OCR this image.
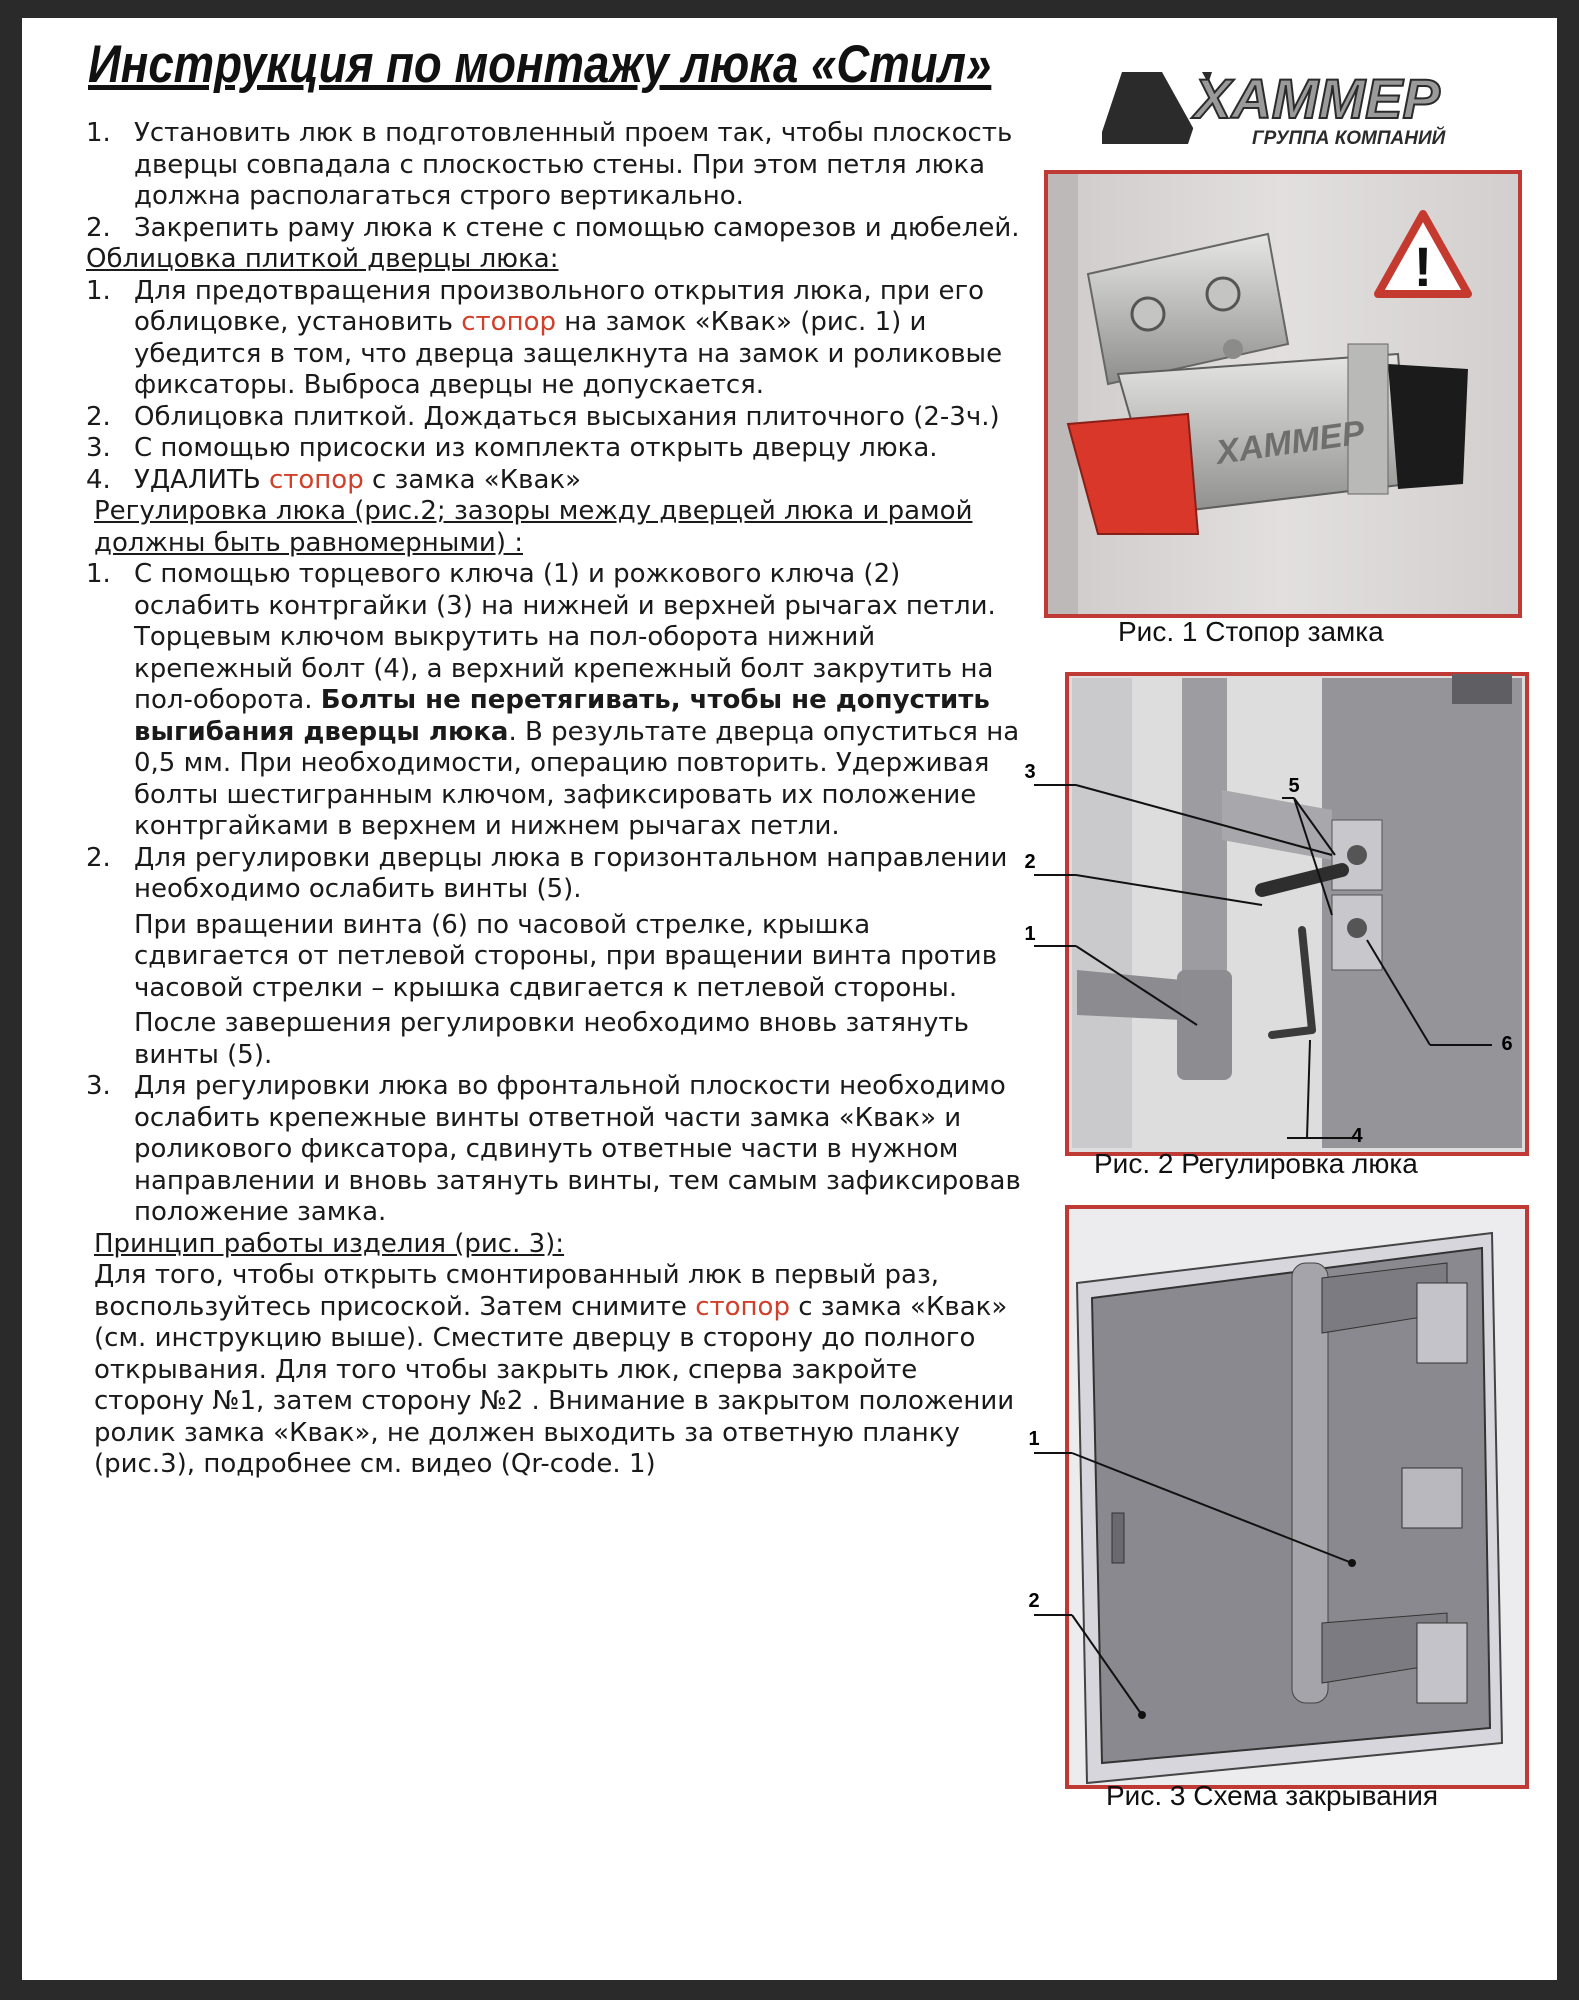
Инструкция по монтажу люка «Стил»
ХАММЕР
ГРУППА КОМПАНИЙ
1. Установить люк в подготовленный проем так, чтобы плоскость дверцы совпадала с плоскостью стены. При этом петля люка должна располагаться строго вертикально.
2. Закрепить раму люка к стене с помощью саморезов и дюбелей.

Облицовка плиткой дверцы люка:

1. Для предотвращения произвольного открытия люка, при его облицовке, установить стопор на замок «Квак» (рис. 1) и убедится в том, что дверца защелкнута на замок и роликовые фиксаторы. Выброса дверцы не допускается.
2. Облицовка плиткой. Дождаться высыхания плиточного (2-3ч.)
3. С помощью присоски из комплекта открыть дверцу люка.
4. УДАЛИТЬ стопор с замка «Квак»

Регулировка люка (рис.2; зазоры между дверцей люка и рамой должны быть равномерными) :

1. С помощью торцевого ключа (1) и рожкового ключа (2) ослабить контргайки (3) на нижней и верхней рычагах петли. Торцевым ключом выкрутить на пол-оборота нижний крепежный болт (4), а верхний крепежный болт закрутить на пол-оборота. Болты не перетягивать, чтобы не допустить выгибания дверцы люка. В результате дверца опуститься на 0,5 мм. При необходимости, операцию повторить. Удерживая болты шестигранным ключом, зафиксировать их положение контргайками в верхнем и нижнем рычагах петли.
2. Для регулировки дверцы люка в горизонтальном направлении необходимо ослабить винты (5).

При вращении винта (6) по часовой стрелке, крышка сдвигается от петлевой стороны, при вращении винта против часовой стрелки – крышка сдвигается к петлевой стороны.

После завершения регулировки необходимо вновь затянуть винты (5).

3. Для регулировки люка во фронтальной плоскости необходимо ослабить крепежные винты ответной части замка «Квак» и роликового фиксатора, сдвинуть ответные части в нужном направлении и вновь затянуть винты, тем самым зафиксировав положение замка.

Принцип работы изделия (рис. 3):

Для того, чтобы открыть смонтированный люк в первый раз, воспользуйтесь присоской. Затем снимите стопор с замка «Квак» (см. инструкцию выше). Сместите дверцу в сторону до полного открывания. Для того чтобы закрыть люк, сперва закройте сторону №1, затем сторону №2 . Внимание в закрытом положении ролик замка «Квак», не должен выходить за ответную планку (рис.3), подробнее см. видео (Qr-code. 1)

ХАММЕР
!
Рис. 1 Стопор замка
3
2
1
5
6
4
Рис. 2 Регулировка люка
1
2
Рис. 3 Схема закрывания
